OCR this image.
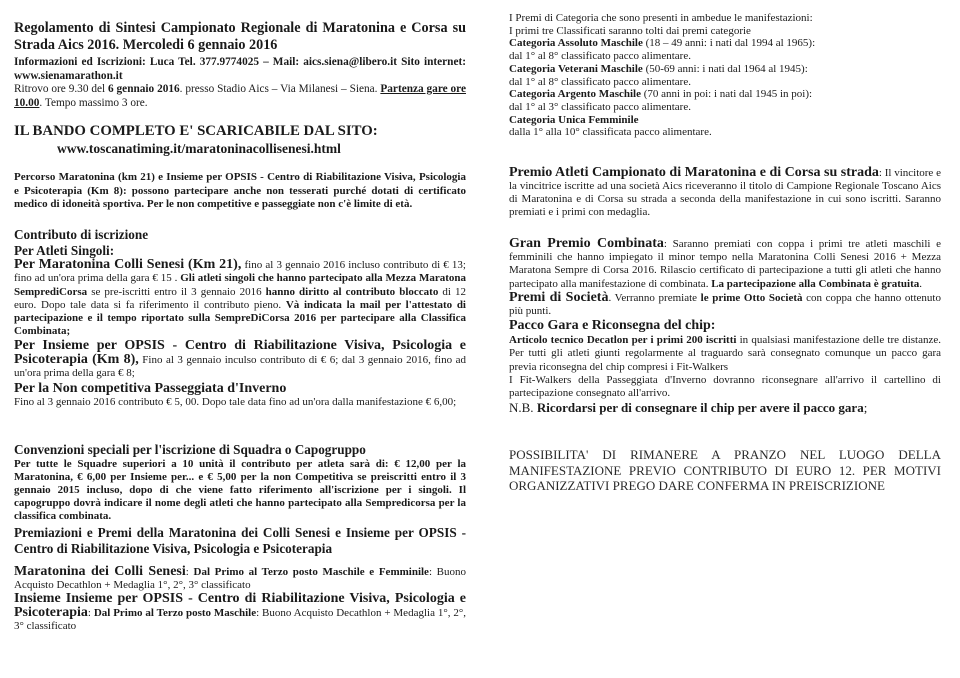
Regolamento di Sintesi Campionato Regionale di Maratonina e Corsa su Strada Aics 2016. Mercoledi 6 gennaio 2016

Informazioni ed Iscrizioni: Luca Tel. 377.9774025 – Mail: aics.siena@libero.it Sito internet: www.sienamarathon.it

Ritrovo ore 9.30 del 6 gennaio 2016. presso Stadio Aics – Via Milanesi – Siena. Partenza gare ore 10.00. Tempo massimo 3 ore.

IL BANDO COMPLETO E' SCARICABILE DAL SITO:
www.toscanatiming.it/maratoninacollisenesi.html

Percorso Maratonina (km 21) e Insieme per OPSIS - Centro di Riabilitazione Visiva, Psicologia e Psicoterapia (Km 8): possono partecipare anche non tesserati purché dotati di certificato medico di idoneità sportiva. Per le non competitive e passeggiate non c'è limite di età.

Contributo di iscrizione

Per Atleti Singoli:

Per Maratonina Colli Senesi (Km 21), fino al 3 gennaio 2016 incluso contributo di € 13; fino ad un'ora prima della gara € 15 . Gli atleti singoli che hanno partecipato alla Mezza Maratona SemprediCorsa se pre-iscritti entro il 3 gennaio 2016 hanno diritto al contributo bloccato di 12 euro. Dopo tale data si fa riferimento il contributo pieno. Và indicata la mail per l'attestato di partecipazione e il tempo riportato sulla SempreDiCorsa 2016 per partecipare alla Classifica Combinata;

Per Insieme per OPSIS - Centro di Riabilitazione Visiva, Psicologia e Psicoterapia (Km 8), Fino al 3 gennaio inculso contributo di € 6; dal 3 gennaio 2016, fino ad un'ora prima della gara € 8;

Per la Non competitiva Passeggiata d'Inverno

Fino al 3 gennaio 2016 contributo € 5, 00. Dopo tale data fino ad un'ora dalla manifestazione € 6,00;

Convenzioni speciali per l'iscrizione di Squadra o Capogruppo

Per tutte le Squadre superiori a 10 unità il contributo per atleta sarà di: € 12,00 per la Maratonina, € 6,00 per Insieme per... e € 5,00 per la non Competitiva se preiscritti entro il 3 gennaio 2015 incluso, dopo di che viene fatto riferimento all'iscrizione per i singoli. Il capogruppo dovrà indicare il nome degli atleti che hanno partecipato alla Sempredicorsa per la classifica combinata.

Premiazioni e Premi della Maratonina dei Colli Senesi e Insieme per OPSIS - Centro di Riabilitazione Visiva, Psicologia e Psicoterapia

Maratonina dei Colli Senesi: Dal Primo al Terzo posto Maschile e Femminile: Buono Acquisto Decathlon + Medaglia 1°, 2°, 3° classificato

Insieme Insieme per OPSIS - Centro di Riabilitazione Visiva, Psicologia e Psicoterapia: Dal Primo al Terzo posto Maschile: Buono Acquisto Decathlon + Medaglia 1°, 2°, 3° classificato

I Premi di Categoria che sono presenti in ambedue le manifestazioni:

I primi tre Classificati saranno tolti dai premi categorie

Categoria Assoluto Maschile (18 – 49 anni: i nati dal 1994 al 1965):

dal 1° al 8° classificato pacco alimentare.

Categoria Veterani Maschile (50-69 anni: i nati dal 1964 al 1945):

dal 1° al 8° classificato pacco alimentare.

Categoria Argento Maschile (70 anni in poi: i nati dal 1945 in poi):

dal 1° al 3° classificato pacco alimentare.

Categoria Unica Femminile

dalla 1° alla 10° classificata pacco alimentare.

Premio Atleti Campionato di Maratonina e di Corsa su strada: Il vincitore e la vincitrice iscritte ad una società Aics riceveranno il titolo di Campione Regionale Toscano Aics di Maratonina e di Corsa su strada a seconda della manifestazione in cui sono iscritti. Saranno premiati e i primi con medaglia.

Gran Premio Combinata: Saranno premiati con coppa i primi tre atleti maschili e femminili che hanno impiegato il minor tempo nella Maratonina Colli Senesi 2016 + Mezza Maratona Sempre di Corsa 2016. Rilascio certificato di partecipazione a tutti gli atleti che hanno partecipato alla manifestazione di combinata. La partecipazione alla Combinata è gratuita.

Premi di Società. Verranno premiate le prime Otto Società con coppa che hanno ottenuto più punti.

Pacco Gara e Riconsegna del chip:

Articolo tecnico Decatlon per i primi 200 iscritti in qualsiasi manifestazione delle tre distanze. Per tutti gli atleti giunti regolarmente al traguardo sarà consegnato comunque un pacco gara previa riconsegna del chip compresi i Fit-Walkers

I Fit-Walkers della Passeggiata d'Inverno dovranno riconsegnare all'arrivo il cartellino di partecipazione consegnato all'arrivo.

N.B. Ricordarsi per di consegnare il chip per avere il pacco gara;

POSSIBILITA' DI RIMANERE A PRANZO NEL LUOGO DELLA MANIFESTAZIONE PREVIO CONTRIBUTO DI EURO 12. PER MOTIVI ORGANIZZATIVI PREGO DARE CONFERMA IN PREISCRIZIONE
